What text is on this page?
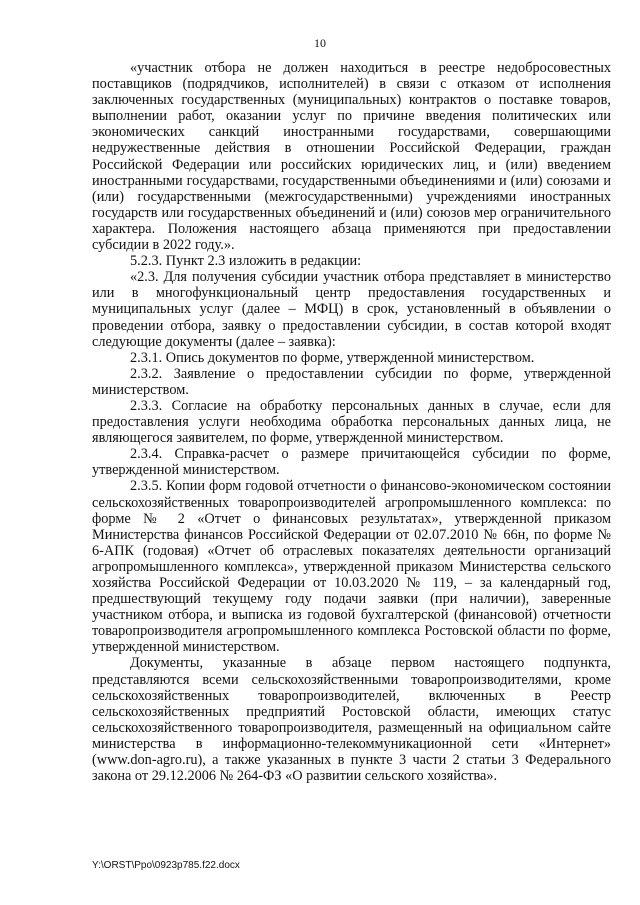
10

«участник отбора не должен находиться в реестре недобросовестных поставщиков (подрядчиков, исполнителей) в связи с отказом от исполнения заключенных государственных (муниципальных) контрактов о поставке товаров, выполнении работ, оказании услуг по причине введения политических или экономических санкций иностранными государствами, совершающими недружественные действия в отношении Российской Федерации, граждан Российской Федерации или российских юридических лиц, и (или) введением иностранными государствами, государственными объединениями и (или) союзами и (или) государственными (межгосударственными) учреждениями иностранных государств или государственных объединений и (или) союзов мер ограничительного характера. Положения настоящего абзаца применяются при предоставлении субсидии в 2022 году.».

5.2.3. Пункт 2.3 изложить в редакции:

«2.3. Для получения субсидии участник отбора представляет в министерство или в многофункциональный центр предоставления государственных и муниципальных услуг (далее – МФЦ) в срок, установленный в объявлении о проведении отбора, заявку о предоставлении субсидии, в состав которой входят следующие документы (далее – заявка):

2.3.1. Опись документов по форме, утвержденной министерством.

2.3.2. Заявление о предоставлении субсидии по форме, утвержденной министерством.

2.3.3. Согласие на обработку персональных данных в случае, если для предоставления услуги необходима обработка персональных данных лица, не являющегося заявителем, по форме, утвержденной министерством.

2.3.4. Справка-расчет о размере причитающейся субсидии по форме, утвержденной министерством.

2.3.5. Копии форм годовой отчетности о финансово-экономическом состоянии сельскохозяйственных товаропроизводителей агропромышленного комплекса: по форме № 2 «Отчет о финансовых результатах», утвержденной приказом Министерства финансов Российской Федерации от 02.07.2010 № 66н, по форме № 6-АПК (годовая) «Отчет об отраслевых показателях деятельности организаций агропромышленного комплекса», утвержденной приказом Министерства сельского хозяйства Российской Федерации от 10.03.2020 № 119, – за календарный год, предшествующий текущему году подачи заявки (при наличии), заверенные участником отбора, и выписка из годовой бухгалтерской (финансовой) отчетности товаропроизводителя агропромышленного комплекса Ростовской области по форме, утвержденной министерством.

Документы, указанные в абзаце первом настоящего подпункта, представляются всеми сельскохозяйственными товаропроизводителями, кроме сельскохозяйственных товаропроизводителей, включенных в Реестр сельскохозяйственных предприятий Ростовской области, имеющих статус сельскохозяйственного товаропроизводителя, размещенный на официальном сайте министерства в информационно-телекоммуникационной сети «Интернет» (www.don-agro.ru), а также указанных в пункте 3 части 2 статьи 3 Федерального закона от 29.12.2006 № 264-ФЗ «О развитии сельского хозяйства».

Y:\ORST\Ppo\0923p785.f22.docx
